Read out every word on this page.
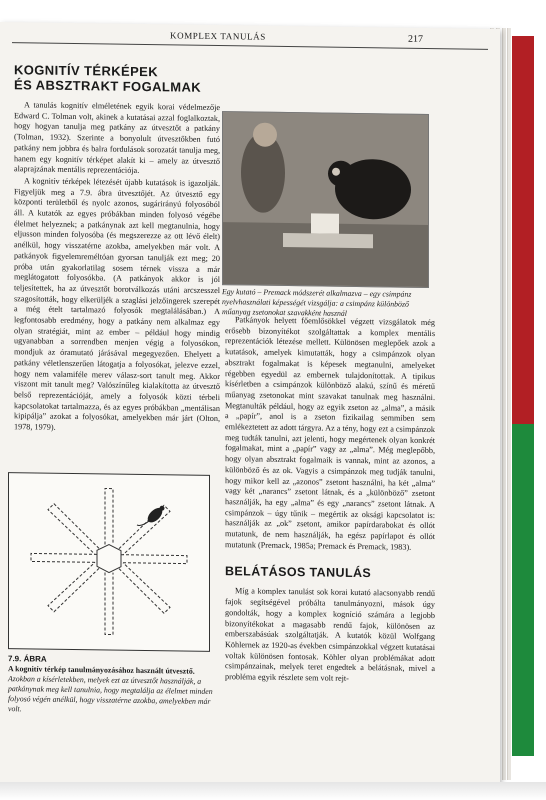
KOMPLEX TANULÁS	217
KOGNITÍV TÉRKÉPEK
ÉS ABSZTRAKT FOGALMAK

A tanulás kognitív elméletének egyik korai védelmezője Edward C. Tolman volt, akinek a kutatásai azzal foglalkoztak, hogy hogyan tanulja meg patkány az útvesztőt a patkány (Tolman, 1932). Szerinte a bonyolult útvesztőkben futó patkány nem jobbra és balra fordulások sorozatát tanulja meg, hanem egy kognitív térképet alakít ki – amely az útvesztő alaprajzának mentális reprezentációja.

A kognitív térképek létezését újabb kutatások is igazolják. Figyeljük meg a 7.9. ábra útvesztőjét. Az útvesztő egy központi területből és nyolc azonos, sugárirányú folyosóból áll. A kutatók az egyes próbákban minden folyosó végébe élelmet helyeznek; a patkánynak azt kell megtanulnia, hogy eljusson minden folyosóba (és megszerezze az ott lévő élelt) anélkül, hogy visszatérne azokba, amelyekben már volt. A patkányok figyelemreméltóan gyorsan tanulják ezt meg; 20 próba után gyakorlatilag sosem térnek vissza a már meglátogatott folyosókba. (A patkányok akkor is jól teljesítettek, ha az útvesztőt borotválkozás utáni arcszesszel szagosították, hogy elkerüljék a szaglási jelzőingerek szerepét a még ételt tartalmazó folyosók megtalálásában.) A legfontosabb eredmény, hogy a patkány nem alkalmaz egy olyan stratégiát, mint az ember – például hogy mindig ugyanabban a sorrendben menjen végig a folyosókon, mondjuk az óramutató járásával megegyezően. Ehelyett a patkány véletlenszerűen látogatja a folyosókat, jelezve ezzel, hogy nem valamiféle merev válasz-sort tanult meg. Akkor viszont mit tanult meg? Valószínűleg kialakította az útvesztő belső reprezentációját, amely a folyosók közti térbeli kapcsolatokat tartalmazza, és az egyes próbákban „mentálisan kipipálja” azokat a folyosókat, amelyekben már járt (Olton, 1978, 1979).

7.9. ÁBRA
A kognitív térkép tanulmányozásához használt útvesztő.
Azokban a kísérletekben, melyek ezt az útvesztőt használják, a patkánynak meg kell tanulnia, hogy megtalálja az élelmet minden folyosó végén anélkül, hogy visszatérne azokba, amelyekben már volt.
Egy kutató – Premack módszerét alkalmazva – egy csimpánz nyelvhasználati képességét vizsgálja: a csimpánz különböző műanyag zsetonokat szavakként használ

Patkányok helyett főemlősökkel végzett vizsgálatok még erősebb bizonyítékot szolgáltattak a komplex mentális reprezentációk létezése mellett. Különösen meglepőek azok a kutatások, amelyek kimutatták, hogy a csimpánzok olyan absztrakt fogalmakat is képesek megtanulni, amelyeket régebben egyedül az embernek tulajdonítottak. A tipikus kísérletben a csimpánzok különböző alakú, színű és méretű műanyag zsetonokat mint szavakat tanulnak meg használni. Megtanulták például, hogy az egyik zseton az „alma”, a másik a „papír”, anol is a zseton fizikailag semmiben sem emlékeztetett az adott tárgyra. Az a tény, hogy ezt a csimpánzok meg tudták tanulni, azt jelenti, hogy megértenek olyan konkrét fogalmakat, mint a „papír” vagy az „alma”. Még meglepőbb, hogy olyan absztrakt fogalmaik is vannak, mint az azonos, a különböző és az ok. Vagyis a csimpánzok meg tudják tanulni, hogy mikor kell az „azonos” zsetont használni, ha két „alma” vagy két „narancs” zsetont látnak, és a „különböző” zsetont használják, ha egy „alma” és egy „narancs” zsetont látnak. A csimpánzok – úgy tűnik – megértik az oksági kapcsolatot is: használják az „ok” zsetont, amikor papírdarabokat és ollót mutatunk, de nem használják, ha egész papírlapot és ollót mutatunk (Premack, 1985a; Premack és Premack, 1983).

BELÁTÁSOS TANULÁS

Míg a komplex tanulást sok korai kutató alacsonyabb rendű fajok segítségével próbálta tanulmányozni, mások úgy gondolták, hogy a komplex kogníció számára a legjobb bizonyítékokat a magasabb rendű fajok, különösen az emberszabásúak szolgáltatják. A kutatók közül Wolfgang Köhlernek az 1920-as években csimpánzokkal végzett kutatásai voltak különösen fontosak. Köhler olyan problémákat adott csimpánzainak, melyek teret engedtek a belátásnak, mivel a probléma egyik részlete sem volt rejt-
